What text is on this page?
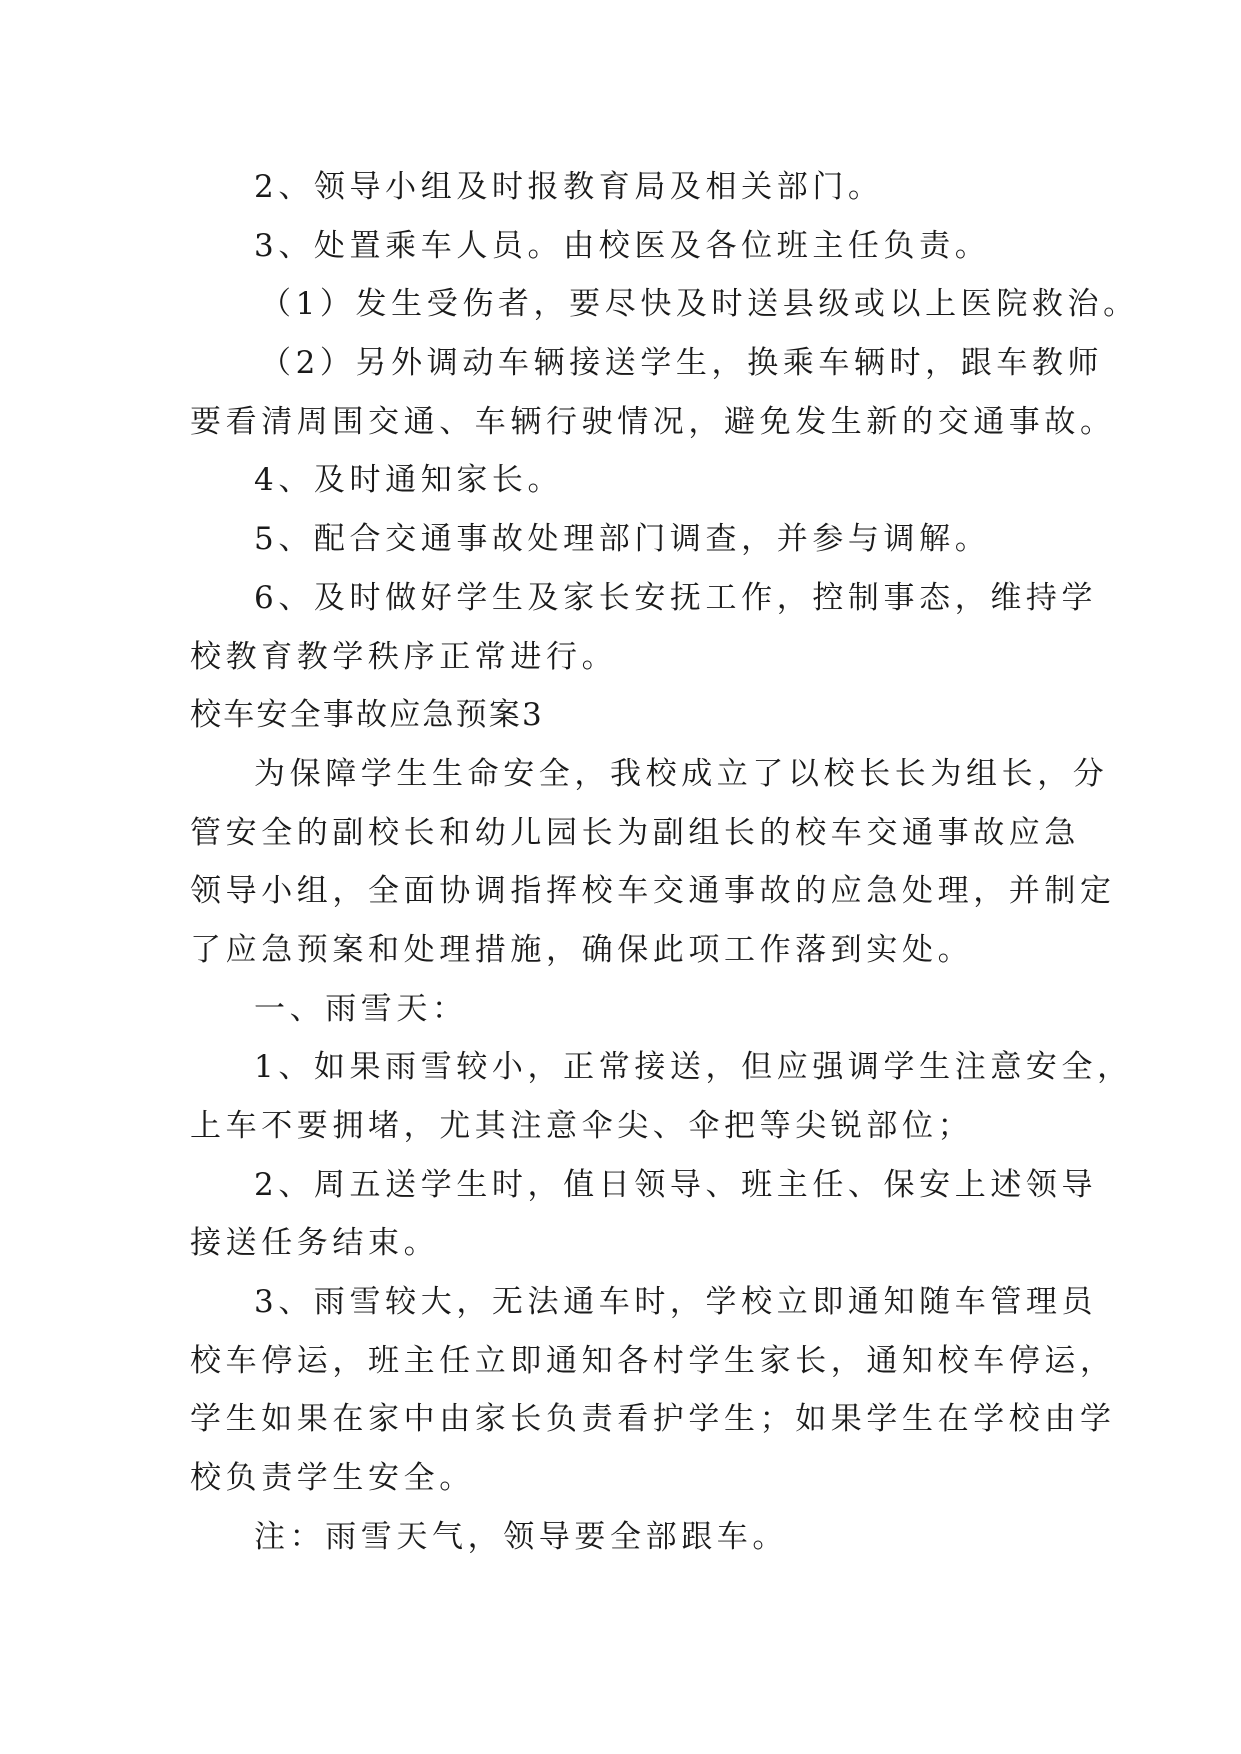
2、领导小组及时报教育局及相关部门。
3、处置乘车人员。由校医及各位班主任负责。
（1）发生受伤者，要尽快及时送县级或以上医院救治。
（2）另外调动车辆接送学生，换乘车辆时，跟车教师
要看清周围交通、车辆行驶情况，避免发生新的交通事故。
4、及时通知家长。
5、配合交通事故处理部门调查，并参与调解。
6、及时做好学生及家长安抚工作，控制事态，维持学
校教育教学秩序正常进行。
校车安全事故应急预案3
为保障学生生命安全，我校成立了以校长长为组长，分
管安全的副校长和幼儿园长为副组长的校车交通事故应急
领导小组，全面协调指挥校车交通事故的应急处理，并制定
了应急预案和处理措施，确保此项工作落到实处。
一、雨雪天：
1、如果雨雪较小，正常接送，但应强调学生注意安全，
上车不要拥堵，尤其注意伞尖、伞把等尖锐部位；
2、周五送学生时，值日领导、班主任、保安上述领导
接送任务结束。
3、雨雪较大，无法通车时，学校立即通知随车管理员
校车停运，班主任立即通知各村学生家长，通知校车停运，
学生如果在家中由家长负责看护学生；如果学生在学校由学
校负责学生安全。
注：雨雪天气，领导要全部跟车。
